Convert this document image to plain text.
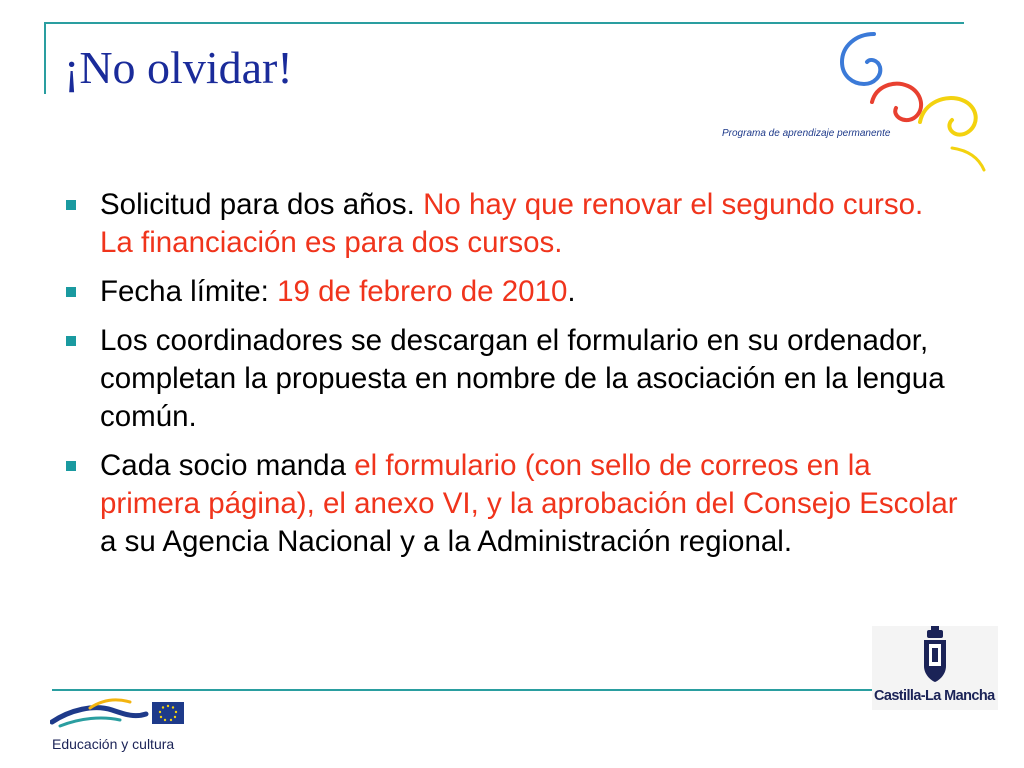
¡No olvidar!
Programa de aprendizaje permanente
Solicitud para dos años. No hay que renovar el segundo curso. La financiación es para dos cursos.
Fecha límite: 19 de febrero de 2010.
Los coordinadores se descargan el formulario en su ordenador, completan la propuesta en nombre de la asociación en la lengua común.
Cada socio manda el formulario (con sello de correos en la primera página), el anexo VI, y la aprobación del Consejo Escolar a su Agencia Nacional y a la Administración regional.
Educación y cultura
Castilla-La Mancha
